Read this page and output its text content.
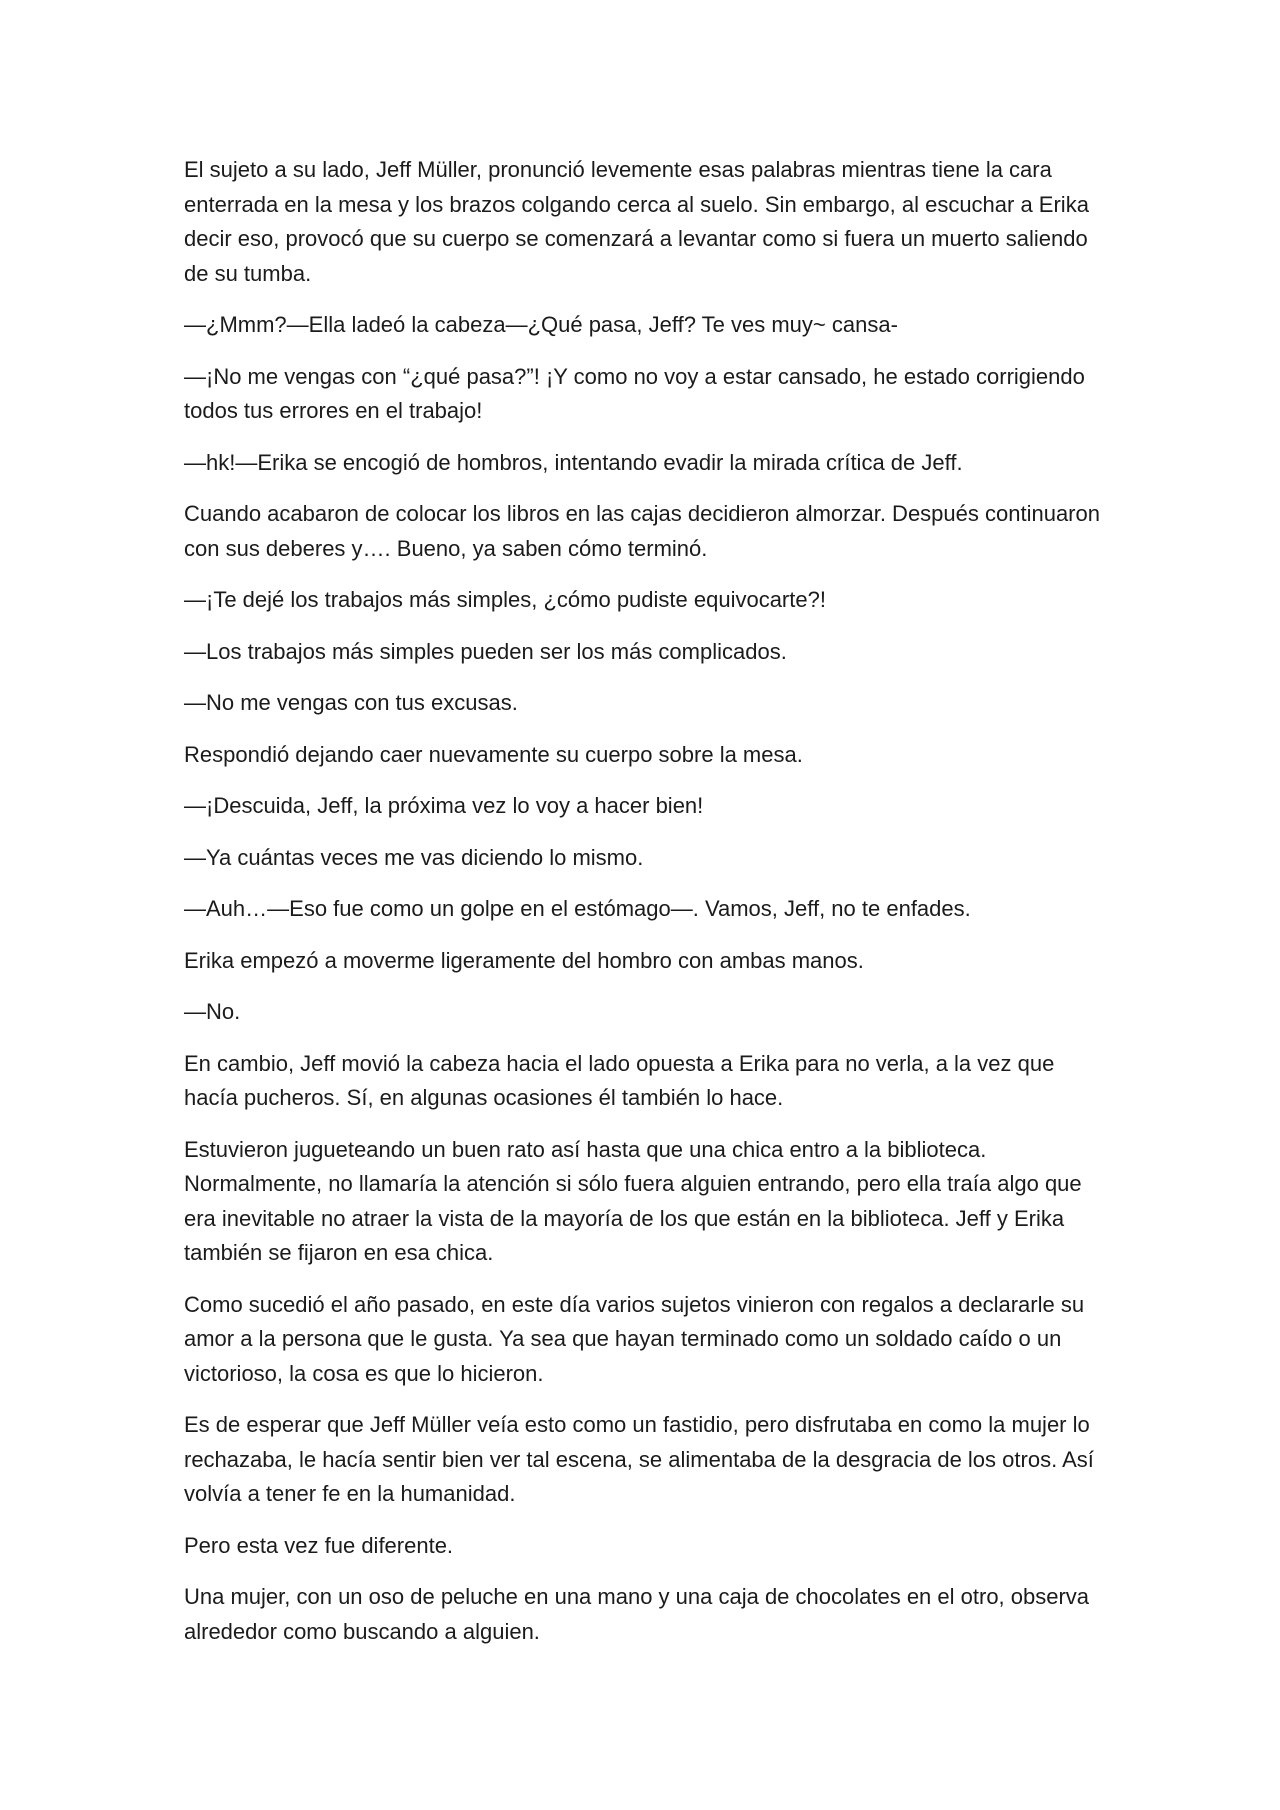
El sujeto a su lado, Jeff Müller, pronunció levemente esas palabras mientras tiene la cara enterrada en la mesa y los brazos colgando cerca al suelo. Sin embargo, al escuchar a Erika decir eso, provocó que su cuerpo se comenzará a levantar como si fuera un muerto saliendo de su tumba.

—¿Mmm?—Ella ladeó la cabeza—¿Qué pasa, Jeff? Te ves muy~ cansa-

—¡No me vengas con “¿qué pasa?”! ¡Y como no voy a estar cansado, he estado corrigiendo todos tus errores en el trabajo!

—hk!—Erika se encogió de hombros, intentando evadir la mirada crítica de Jeff.

Cuando acabaron de colocar los libros en las cajas decidieron almorzar. Después continuaron con sus deberes y…. Bueno, ya saben cómo terminó.

—¡Te dejé los trabajos más simples, ¿cómo pudiste equivocarte?!

—Los trabajos más simples pueden ser los más complicados.

—No me vengas con tus excusas.

Respondió dejando caer nuevamente su cuerpo sobre la mesa.

—¡Descuida, Jeff, la próxima vez lo voy a hacer bien!

—Ya cuántas veces me vas diciendo lo mismo.

—Auh…—Eso fue como un golpe en el estómago—. Vamos, Jeff, no te enfades.

Erika empezó a moverme ligeramente del hombro con ambas manos.

—No.

En cambio, Jeff movió la cabeza hacia el lado opuesta a Erika para no verla, a la vez que hacía pucheros. Sí, en algunas ocasiones él también lo hace.

Estuvieron jugueteando un buen rato así hasta que una chica entro a la biblioteca. Normalmente, no llamaría la atención si sólo fuera alguien entrando, pero ella traía algo que era inevitable no atraer la vista de la mayoría de los que están en la biblioteca. Jeff y Erika también se fijaron en esa chica.

Como sucedió el año pasado, en este día varios sujetos vinieron con regalos a declararle su amor a la persona que le gusta. Ya sea que hayan terminado como un soldado caído o un victorioso, la cosa es que lo hicieron.

Es de esperar que Jeff Müller veía esto como un fastidio, pero disfrutaba en como la mujer lo rechazaba, le hacía sentir bien ver tal escena, se alimentaba de la desgracia de los otros. Así volvía a tener fe en la humanidad.

Pero esta vez fue diferente.

Una mujer, con un oso de peluche en una mano y una caja de chocolates en el otro, observa alrededor como buscando a alguien.
